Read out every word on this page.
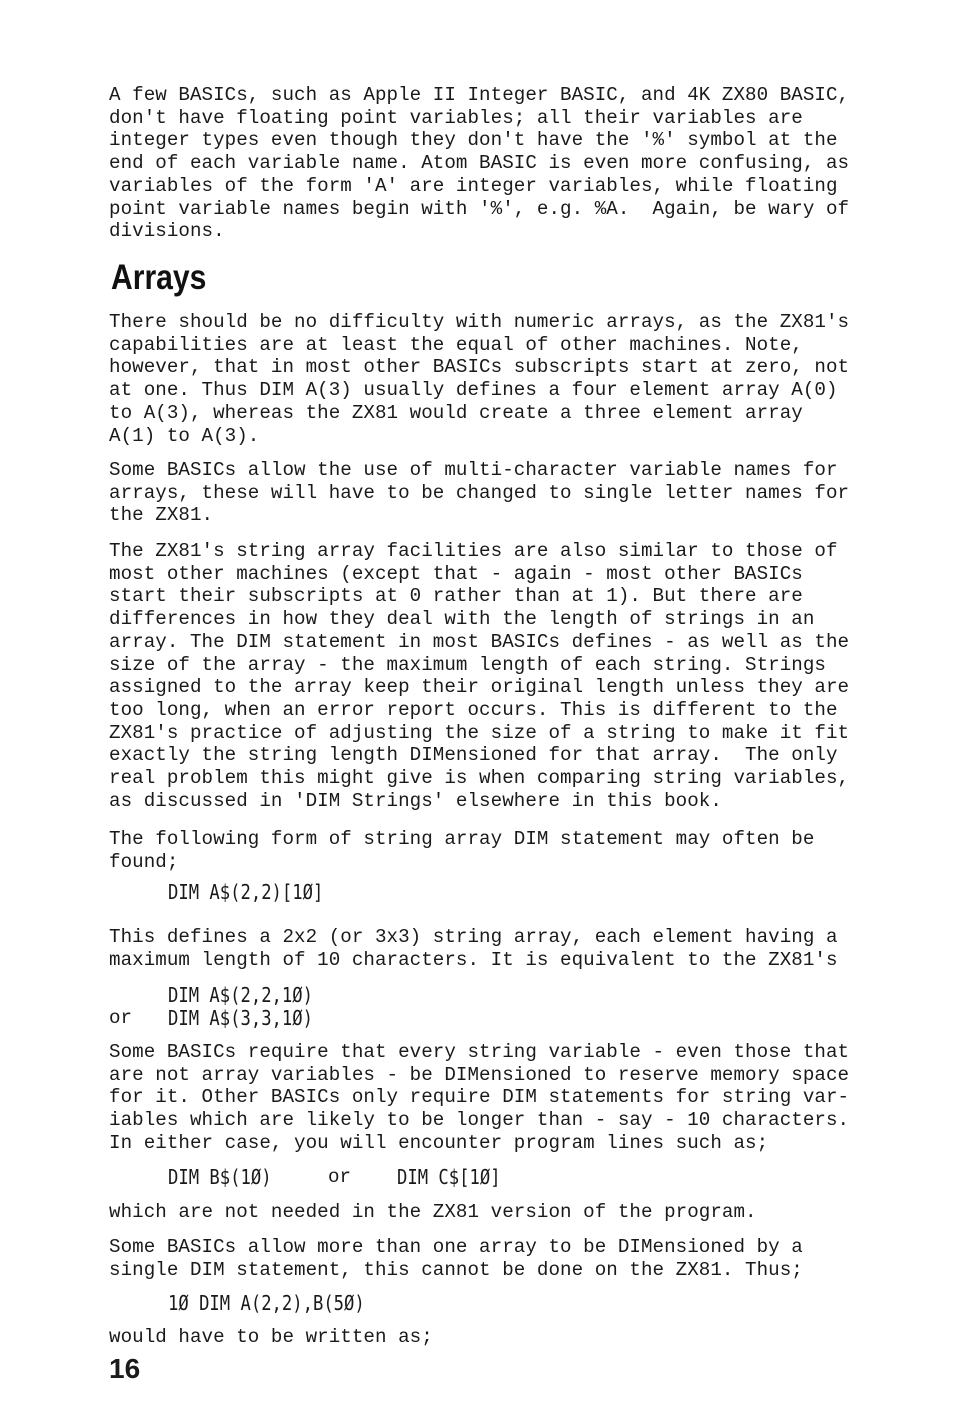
A few BASICs, such as Apple II Integer BASIC, and 4K ZX80 BASIC,
don't have floating point variables; all their variables are
integer types even though they don't have the '%' symbol at the
end of each variable name. Atom BASIC is even more confusing, as
variables of the form 'A' are integer variables, while floating
point variable names begin with '%', e.g. %A.  Again, be wary of
divisions.

Arrays

There should be no difficulty with numeric arrays, as the ZX81's
capabilities are at least the equal of other machines. Note,
however, that in most other BASICs subscripts start at zero, not
at one. Thus DIM A(3) usually defines a four element array A(0)
to A(3), whereas the ZX81 would create a three element array
A(1) to A(3).

Some BASICs allow the use of multi-character variable names for
arrays, these will have to be changed to single letter names for
the ZX81.

The ZX81's string array facilities are also similar to those of
most other machines (except that - again - most other BASICs
start their subscripts at 0 rather than at 1). But there are
differences in how they deal with the length of strings in an
array. The DIM statement in most BASICs defines - as well as the
size of the array - the maximum length of each string. Strings
assigned to the array keep their original length unless they are
too long, when an error report occurs. This is different to the
ZX81's practice of adjusting the size of a string to make it fit
exactly the string length DIMensioned for that array.  The only
real problem this might give is when comparing string variables,
as discussed in 'DIM Strings' elsewhere in this book.

The following form of string array DIM statement may often be
found;

DIM A$(2,2)[1Ø]

This defines a 2x2 (or 3x3) string array, each element having a
maximum length of 10 characters. It is equivalent to the ZX81's

DIM A$(2,2,1Ø)
or DIM A$(3,3,1Ø)

Some BASICs require that every string variable - even those that
are not array variables - be DIMensioned to reserve memory space
for it. Other BASICs only require DIM statements for string var-
iables which are likely to be longer than - say - 10 characters.
In either case, you will encounter program lines such as;

DIM B$(1Ø)	or DIM C$[1Ø]

which are not needed in the ZX81 version of the program.

Some BASICs allow more than one array to be DIMensioned by a
single DIM statement, this cannot be done on the ZX81. Thus;

1Ø DIM A(2,2),B(5Ø)

would have to be written as;

16
